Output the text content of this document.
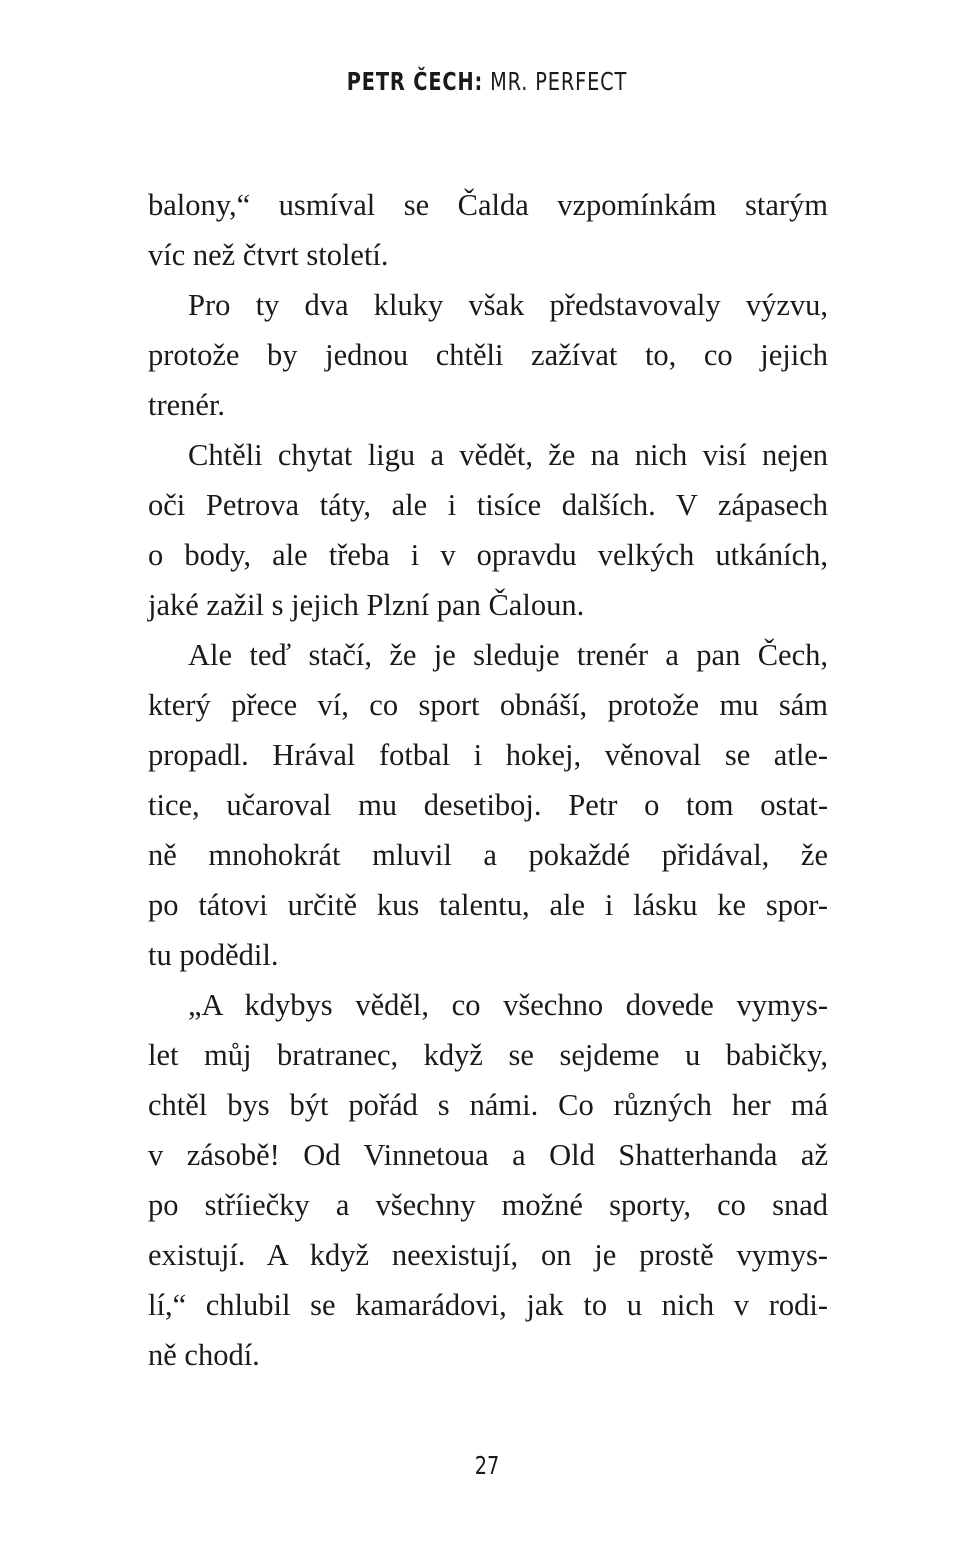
PETR ČECH: MR. PERFECT
balony,“ usmíval se Čalda vzpomínkám starým
víc než čtvrt století.
Pro ty dva kluky však představovaly výzvu,
protože by jednou chtěli zažívat to, co jejich
trenér.
Chtěli chytat ligu a vědět, že na nich visí nejen
oči Petrova táty, ale i tisíce dalších. V zápasech
o body, ale třeba i v opravdu velkých utkáních,
jaké zažil s jejich Plzní pan Čaloun.
Ale teď stačí, že je sleduje trenér a pan Čech,
který přece ví, co sport obnáší, protože mu sám
propadl. Hrával fotbal i hokej, věnoval se atle-
tice, učaroval mu desetiboj. Petr o tom ostat-
ně mnohokrát mluvil a pokaždé přidával, že
po tátovi určitě kus talentu, ale i lásku ke spor-
tu podědil.
„A kdybys věděl, co všechno dovede vymys-
let můj bratranec, když se sejdeme u babičky,
chtěl bys být pořád s námi. Co různých her má
v zásobě! Od Vinnetoua a Old Shatterhanda až
po stříiečky a všechny možné sporty, co snad
existují. A když neexistují, on je prostě vymys-
lí,“ chlubil se kamarádovi, jak to u nich v rodi-
ně chodí.
27
